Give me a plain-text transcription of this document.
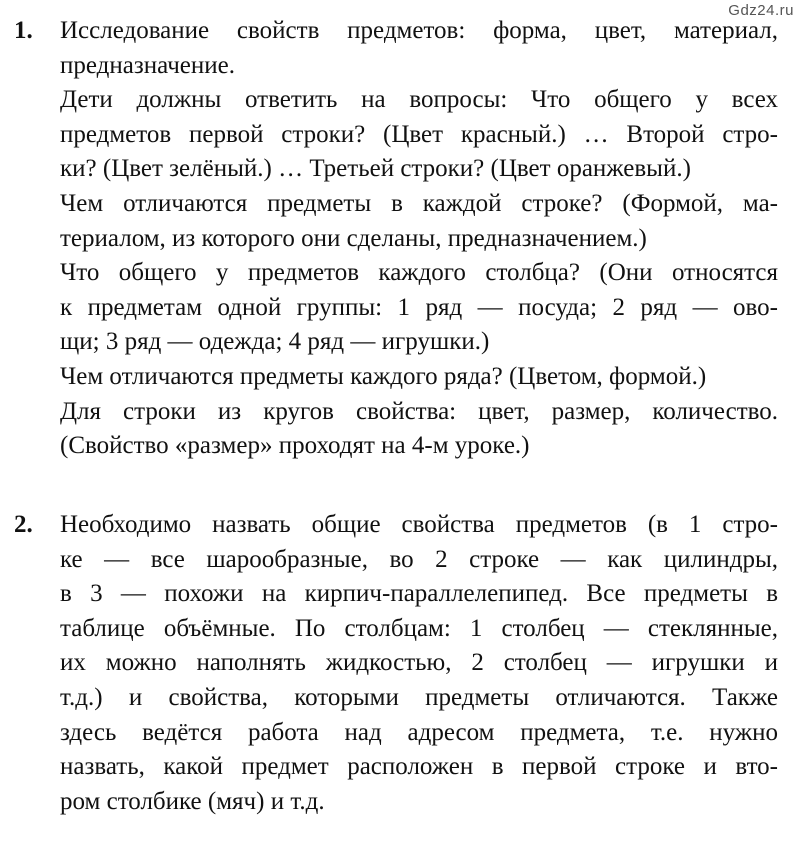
Gdz24.ru
1. Исследование свойств предметов: форма, цвет, материал,
предназначение.
Дети должны ответить на вопросы: Что общего у всех
предметов первой строки? (Цвет красный.) … Второй стро-
ки? (Цвет зелёный.) … Третьей строки? (Цвет оранжевый.)
Чем отличаются предметы в каждой строке? (Формой, ма-
териалом, из которого они сделаны, предназначением.)
Что общего у предметов каждого столбца? (Они относятся
к предметам одной группы: 1 ряд — посуда; 2 ряд — ово-
щи; 3 ряд — одежда; 4 ряд — игрушки.)
Чем отличаются предметы каждого ряда? (Цветом, формой.)
Для строки из кругов свойства: цвет, размер, количество.
(Свойство «размер» проходят на 4-м уроке.)
2. Необходимо назвать общие свойства предметов (в 1 стро-
ке — все шарообразные, во 2 строке — как цилиндры,
в 3 — похожи на кирпич-параллелепипед. Все предметы в
таблице объёмные. По столбцам: 1 столбец — стеклянные,
их можно наполнять жидкостью, 2 столбец — игрушки и
т.д.) и свойства, которыми предметы отличаются. Также
здесь ведётся работа над адресом предмета, т.е. нужно
назвать, какой предмет расположен в первой строке и вто-
ром столбике (мяч) и т.д.
